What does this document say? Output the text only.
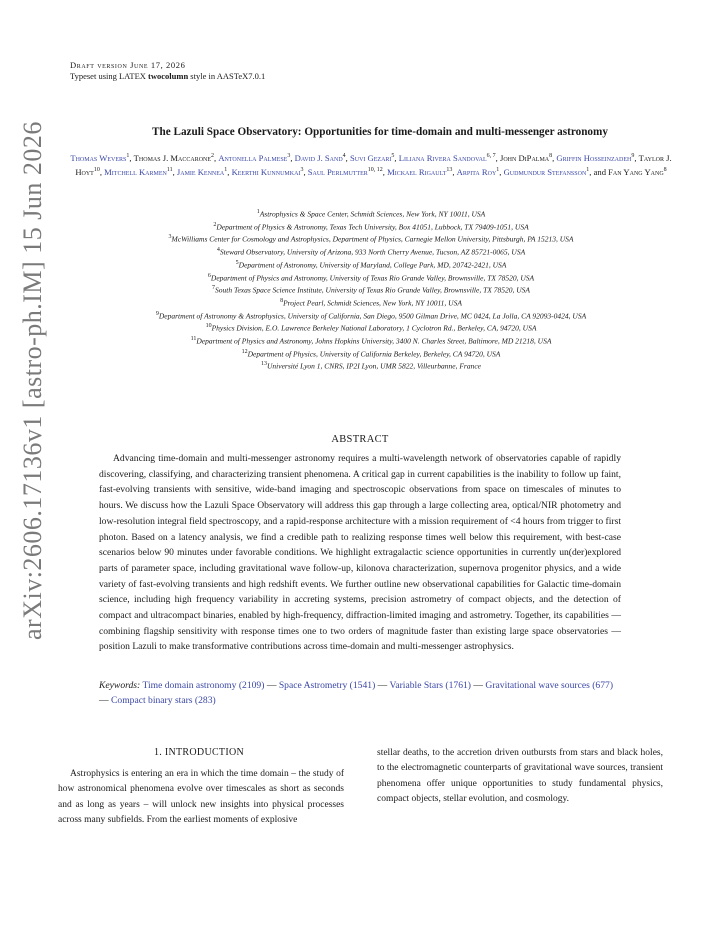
arXiv:2606.17136v1 [astro-ph.IM] 15 Jun 2026
Draft version June 17, 2026
Typeset using LATEX twocolumn style in AASTeX7.0.1
The Lazuli Space Observatory: Opportunities for time-domain and multi-messenger astronomy
Thomas Wevers$^1$, Thomas J. Maccarone$^2$, Antonella Palmese$^3$, David J. Sand$^4$, Suvi Gezari$^5$, Liliana Rivera Sandoval$^{6, 7}$, John DiPalma$^8$, Griffin Hosseinzadeh$^9$, Taylor J. Hoyt$^{10}$, Mitchell Karmen$^{11}$, Jamie Kennea$^1$, Keerthi Kunnumkai$^3$, Saul Perlmutter$^{10, 12}$, Mickael Rigault$^{13}$, Arpita Roy$^1$, Gudmundur Stefansson$^1$, and Fan Yang Yang$^8$
$^1$Astrophysics & Space Center, Schmidt Sciences, New York, NY 10011, USA
$^2$Department of Physics & Astronomy, Texas Tech University, Box 41051, Lubbock, TX 79409-1051, USA
$^3$McWilliams Center for Cosmology and Astrophysics, Department of Physics, Carnegie Mellon University, Pittsburgh, PA 15213, USA
$^4$Steward Observatory, University of Arizona, 933 North Cherry Avenue, Tucson, AZ 85721-0065, USA
$^5$Department of Astronomy, University of Maryland, College Park, MD, 20742-2421, USA
$^6$Department of Physics and Astronomy, University of Texas Rio Grande Valley, Brownsville, TX 78520, USA
$^7$South Texas Space Science Institute, University of Texas Rio Grande Valley, Brownsville, TX 78520, USA
$^8$Project Pearl, Schmidt Sciences, New York, NY 10011, USA
$^9$Department of Astronomy & Astrophysics, University of California, San Diego, 9500 Gilman Drive, MC 0424, La Jolla, CA 92093-0424, USA
$^{10}$Physics Division, E.O. Lawrence Berkeley National Laboratory, 1 Cyclotron Rd., Berkeley, CA, 94720, USA
$^{11}$Department of Physics and Astronomy, Johns Hopkins University, 3400 N. Charles Street, Baltimore, MD 21218, USA
$^{12}$Department of Physics, University of California Berkeley, Berkeley, CA 94720, USA
$^{13}$Université Lyon 1, CNRS, IP2I Lyon, UMR 5822, Villeurbanne, France
ABSTRACT
Advancing time-domain and multi-messenger astronomy requires a multi-wavelength network of observatories capable of rapidly discovering, classifying, and characterizing transient phenomena. A critical gap in current capabilities is the inability to follow up faint, fast-evolving transients with sensitive, wide-band imaging and spectroscopic observations from space on timescales of minutes to hours. We discuss how the Lazuli Space Observatory will address this gap through a large collecting area, optical/NIR photometry and low-resolution integral field spectroscopy, and a rapid-response architecture with a mission requirement of <4 hours from trigger to first photon. Based on a latency analysis, we find a credible path to realizing response times well below this requirement, with best-case scenarios below 90 minutes under favorable conditions. We highlight extragalactic science opportunities in currently un(der)explored parts of parameter space, including gravitational wave follow-up, kilonova characterization, supernova progenitor physics, and a wide variety of fast-evolving transients and high redshift events. We further outline new observational capabilities for Galactic time-domain science, including high frequency variability in accreting systems, precision astrometry of compact objects, and the detection of compact and ultracompact binaries, enabled by high-frequency, diffraction-limited imaging and astrometry. Together, its capabilities — combining flagship sensitivity with response times one to two orders of magnitude faster than existing large space observatories — position Lazuli to make transformative contributions across time-domain and multi-messenger astrophysics.
Keywords: Time domain astronomy (2109) — Space Astrometry (1541) — Variable Stars (1761) — Gravitational wave sources (677) — Compact binary stars (283)
1. INTRODUCTION
Astrophysics is entering an era in which the time domain – the study of how astronomical phenomena evolve over timescales as short as seconds and as long as years – will unlock new insights into physical processes across many subfields. From the earliest moments of explosive
stellar deaths, to the accretion driven outbursts from stars and black holes, to the electromagnetic counterparts of gravitational wave sources, transient phenomena offer unique opportunities to study fundamental physics, compact objects, stellar evolution, and cosmology.
